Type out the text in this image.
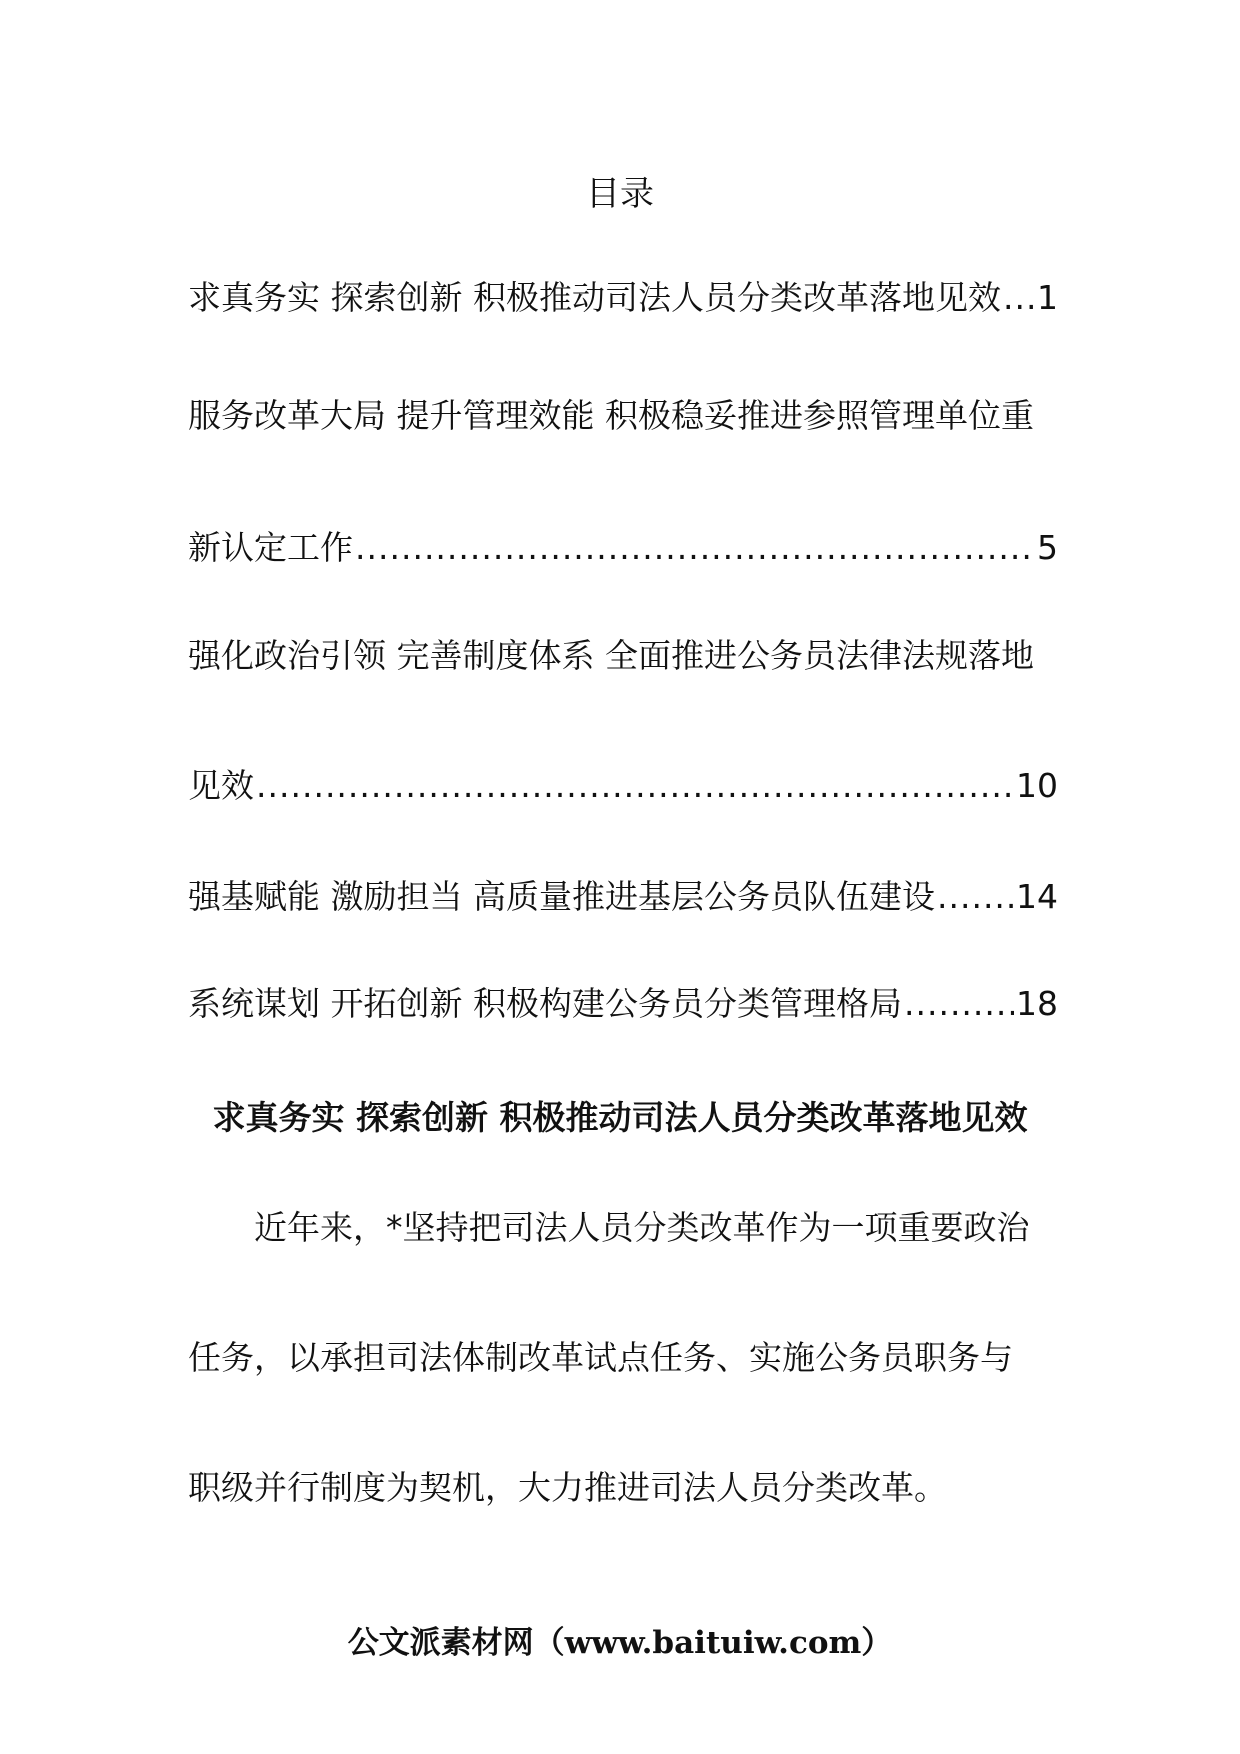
目录
求真务实 探索创新 积极推动司法人员分类改革落地见效 ..... 1
服务改革大局 提升管理效能 积极稳妥推进参照管理单位重
新认定工作 .....	5
强化政治引领 完善制度体系 全面推进公务员法律法规落地
见效 .....	10
强基赋能 激励担当 高质量推进基层公务员队伍建设 ..... 14
系统谋划 开拓创新 积极构建公务员分类管理格局 .....	18
求真务实 探索创新 积极推动司法人员分类改革落地见效
近年来，*坚持把司法人员分类改革作为一项重要政治
任务，以承担司法体制改革试点任务、实施公务员职务与
职级并行制度为契机，大力推进司法人员分类改革。
公文派素材网（www.baituiw.com）
